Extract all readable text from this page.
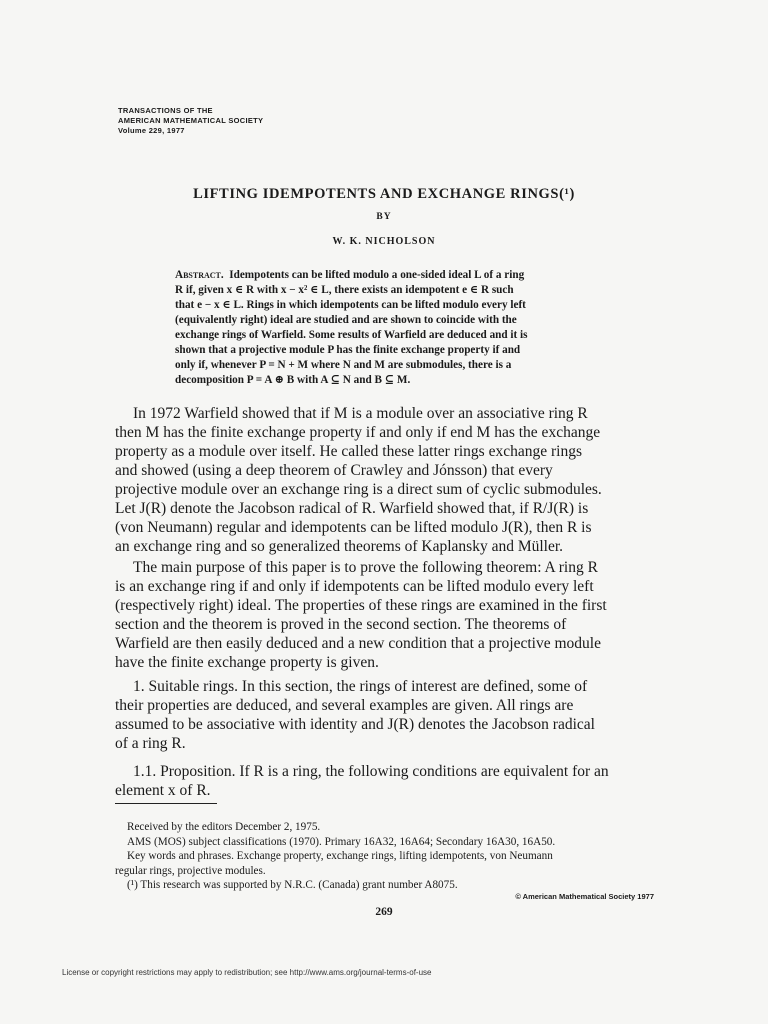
TRANSACTIONS OF THE
AMERICAN MATHEMATICAL SOCIETY
Volume 229, 1977
LIFTING IDEMPOTENTS AND EXCHANGE RINGS(¹)
BY
W. K. NICHOLSON
Abstract. Idempotents can be lifted modulo a one-sided ideal L of a ring
R if, given x ∈ R with x − x² ∈ L, there exists an idempotent e ∈ R such
that e − x ∈ L. Rings in which idempotents can be lifted modulo every left
(equivalently right) ideal are studied and are shown to coincide with the
exchange rings of Warfield. Some results of Warfield are deduced and it is
shown that a projective module P has the finite exchange property if and
only if, whenever P = N + M where N and M are submodules, there is a
decomposition P = A ⊕ B with A ⊆ N and B ⊆ M.
In 1972 Warfield showed that if M is a module over an associative ring R
then M has the finite exchange property if and only if end M has the exchange
property as a module over itself. He called these latter rings exchange rings
and showed (using a deep theorem of Crawley and Jónsson) that every
projective module over an exchange ring is a direct sum of cyclic submodules.
Let J(R) denote the Jacobson radical of R. Warfield showed that, if R/J(R) is
(von Neumann) regular and idempotents can be lifted modulo J(R), then R is
an exchange ring and so generalized theorems of Kaplansky and Müller.
The main purpose of this paper is to prove the following theorem: A ring R
is an exchange ring if and only if idempotents can be lifted modulo every left
(respectively right) ideal. The properties of these rings are examined in the first
section and the theorem is proved in the second section. The theorems of
Warfield are then easily deduced and a new condition that a projective module
have the finite exchange property is given.
1. Suitable rings. In this section, the rings of interest are defined, some of
their properties are deduced, and several examples are given. All rings are
assumed to be associative with identity and J(R) denotes the Jacobson radical
of a ring R.
1.1. Proposition. If R is a ring, the following conditions are equivalent for an
element x of R.
Received by the editors December 2, 1975.
AMS (MOS) subject classifications (1970). Primary 16A32, 16A64; Secondary 16A30, 16A50.
Key words and phrases. Exchange property, exchange rings, lifting idempotents, von Neumann
regular rings, projective modules.
(¹) This research was supported by N.R.C. (Canada) grant number A8075.
© American Mathematical Society 1977
269
License or copyright restrictions may apply to redistribution; see http://www.ams.org/journal-terms-of-use
